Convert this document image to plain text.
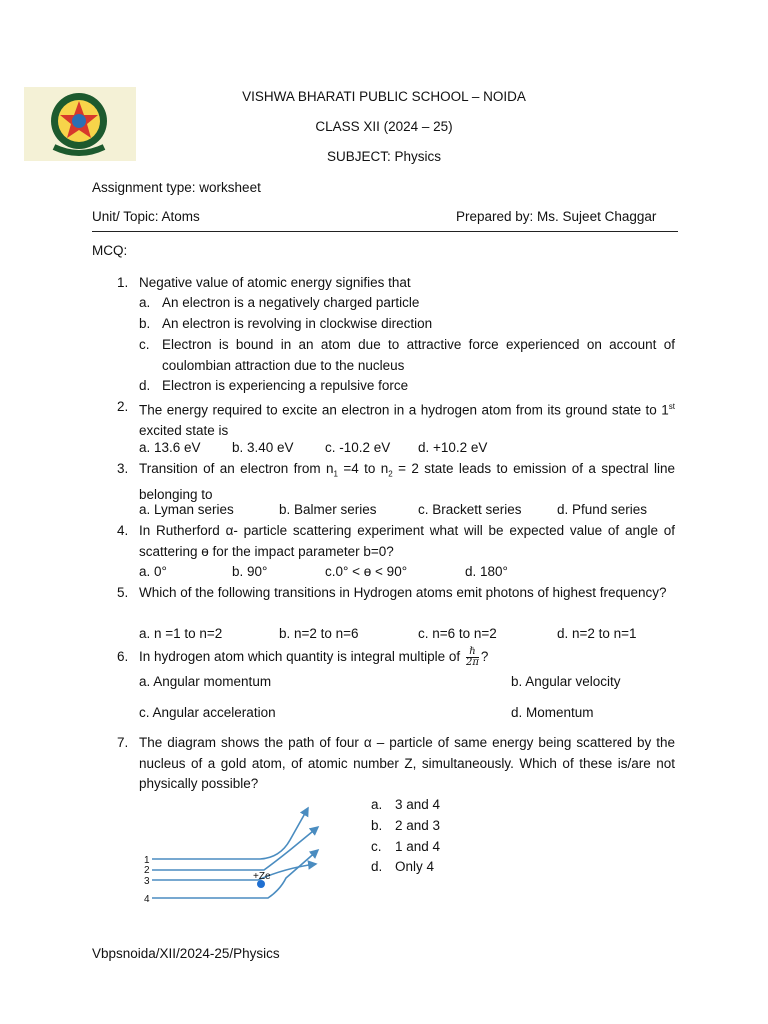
VISHWA BHARATI PUBLIC SCHOOL – NOIDA
CLASS XII (2024 – 25)
SUBJECT: Physics
Assignment type: worksheet
Unit/ Topic: Atoms	Prepared by: Ms. Sujeet Chaggar
MCQ:
1. Negative value of atomic energy signifies that
a. An electron is a negatively charged particle
b. An electron is revolving in clockwise direction
c. Electron is bound in an atom due to attractive force experienced on account of coulombian attraction due to the nucleus
d. Electron is experiencing a repulsive force
2. The energy required to excite an electron in a hydrogen atom from its ground state to 1st excited state is
a. 13.6 eV b. 3.40 eV c. -10.2 eV d. +10.2 eV
3. Transition of an electron from $n_1 =4$ to $n_2 = 2$ state leads to emission of a spectral line belonging to
a. Lyman series	b. Balmer series	c. Brackett series	d. Pfund series
4. In Rutherford α- particle scattering experiment what will be expected value of angle of scattering ɵ for the impact parameter b=0?
a. 0°	b. 90°	c.0° < ɵ < 90°	d. 180°
5. Which of the following transitions in Hydrogen atoms emit photons of highest frequency?
a. n =1 to n=2	b. n=2 to n=6	c. n=6 to n=2	d. n=2 to n=1
6. In hydrogen atom which quantity is integral multiple of $\frac{\text{ℏ}}{2\pi}$ ?
a. Angular momentum	b. Angular velocity
c. Angular acceleration	d. Momentum
7. The diagram shows the path of four α – particle of same energy being scattered by the nucleus of a gold atom, of atomic number Z, simultaneously. Which of these is/are not physically possible?
a. 3 and 4
b. 2 and 3
c. 1 and 4
d. Only 4
1
2
3
4
+Ze
Vbpsnoida/XII/2024-25/Physics
